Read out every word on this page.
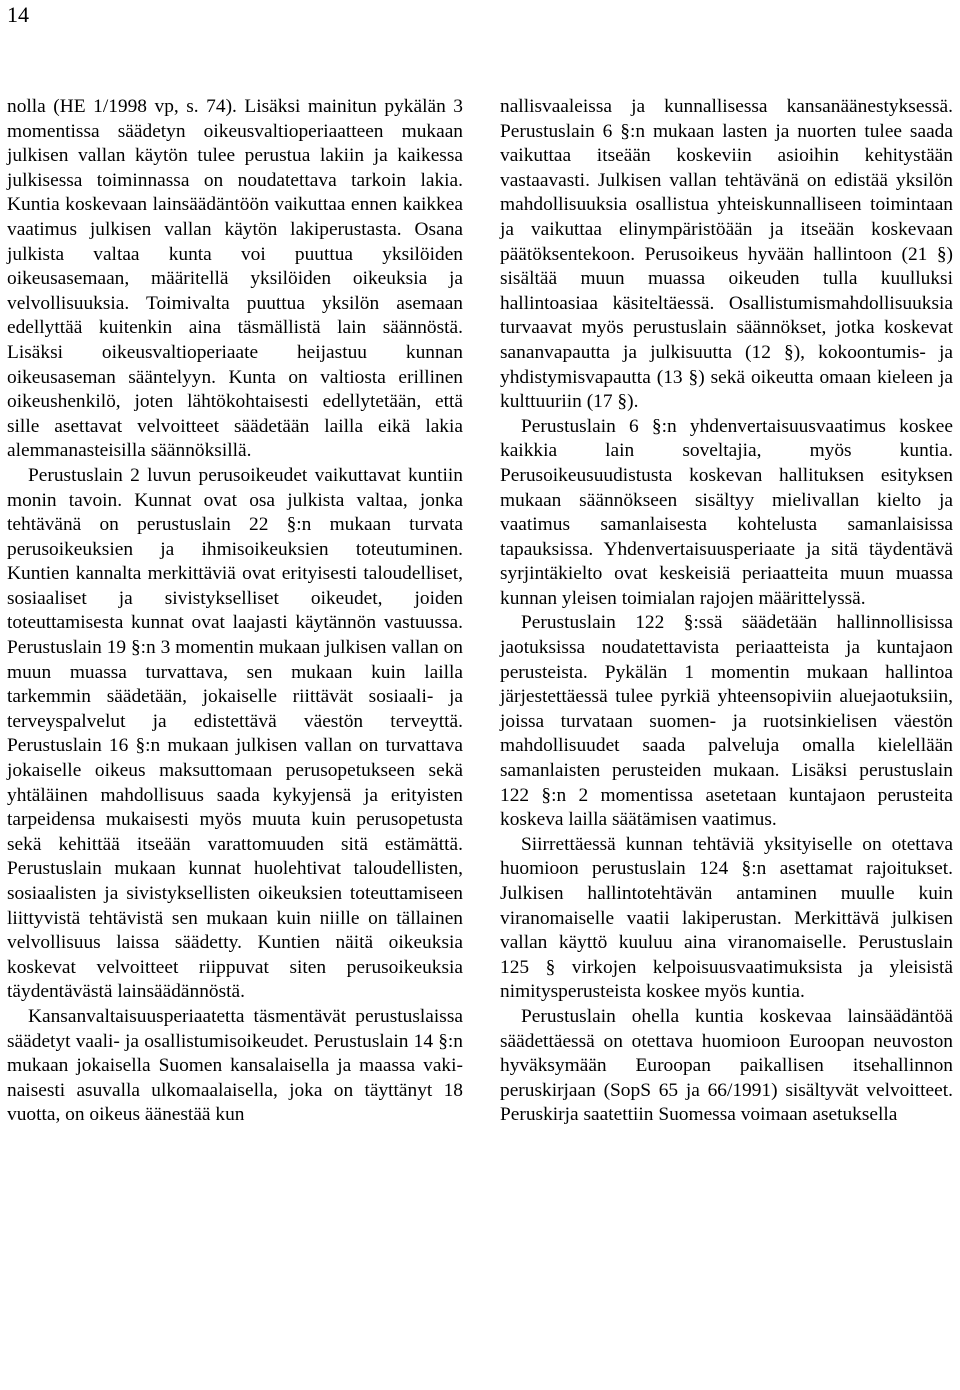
14

nolla (HE 1/1998 vp, s. 74). Lisäksi mainitun pykälän 3 momentissa säädetyn oikeusvaltioperiaatteen mukaan julkisen vallan käytön tulee perustua lakiin ja kaikessa julkisessa toiminnassa on noudatettava tarkoin lakia. Kuntia koskevaan lainsäädäntöön vaikuttaa ennen kaikkea vaatimus julkisen vallan käytön lakiperustasta. Osana julkista valtaa kunta voi puuttua yksilöiden oikeusasemaan, määritellä yksilöiden oikeuksia ja velvollisuuksia. Toimivalta puuttua yksilön asemaan edellyttää kuitenkin aina täsmällistä lain säännöstä. Lisäksi oikeusvaltioperiaate heijastuu kunnan oikeusaseman sääntelyyn. Kunta on valtiosta erillinen oikeushenkilö, joten lähtökohtaisesti edellytetään, että sille asettavat velvoitteet säädetään lailla eikä lakia alemmanasteisilla säännöksillä.

Perustuslain 2 luvun perusoikeudet vaikuttavat kuntiin monin tavoin. Kunnat ovat osa julkista valtaa, jonka tehtävänä on perustuslain 22 §:n mukaan turvata perusoikeuksien ja ihmisoikeuksien toteutuminen. Kuntien kannalta merkittäviä ovat erityisesti taloudelliset, sosiaaliset ja sivistykselliset oikeudet, joiden toteuttamisesta kunnat ovat laajasti käytännön vastuussa. Perustuslain 19 §:n 3 momentin mukaan julkisen vallan on muun muassa turvattava, sen mukaan kuin lailla tarkemmin säädetään, jokaiselle riittävät sosiaali- ja terveyspalvelut ja edistettävä väestön terveyttä. Perustuslain 16 §:n mukaan julkisen vallan on turvattava jokaiselle oikeus maksuttomaan perusopetukseen sekä yhtäläinen mahdollisuus saada kykyjensä ja erityisten tarpeidensa mukaisesti myös muuta kuin perusopetusta sekä kehittää itseään varattomuuden sitä estämättä. Perustuslain mukaan kunnat huolehtivat taloudellisten, sosiaalisten ja sivistyksellisten oikeuksien toteuttamiseen liittyvistä tehtävistä sen mukaan kuin niille on tällainen velvollisuus laissa säädetty. Kuntien näitä oikeuksia koskevat velvoitteet riippuvat siten perusoikeuksia täydentävästä lainsäädännöstä.

Kansanvaltaisuusperiaatetta täsmentävät perustuslaissa säädetyt vaali- ja osallistumisoikeudet. Perustuslain 14 §:n mukaan jokaisella Suomen kansalaisella ja maassa vakinaisesti asuvalla ulkomaalaisella, joka on täyttänyt 18 vuotta, on oikeus äänestää kun

nallisvaaleissa ja kunnallisessa kansanäänestyksessä. Perustuslain 6 §:n mukaan lasten ja nuorten tulee saada vaikuttaa itseään koskeviin asioihin kehitystään vastaavasti. Julkisen vallan tehtävänä on edistää yksilön mahdollisuuksia osallistua yhteiskunnalliseen toimintaan ja vaikuttaa elinympäristöään ja itseään koskevaan päätöksentekoon. Perusoikeus hyvään hallintoon (21 §) sisältää muun muassa oikeuden tulla kuulluksi hallintoasiaa käsiteltäessä. Osallistumismahdollisuuksia turvaavat myös perustuslain säännökset, jotka koskevat sananvapautta ja julkisuutta (12 §), kokoontumis- ja yhdistymisvapautta (13 §) sekä oikeutta omaan kieleen ja kulttuuriin (17 §).

Perustuslain 6 §:n yhdenvertaisuusvaatimus koskee kaikkia lain soveltajia, myös kuntia. Perusoikeusuudistusta koskevan hallituksen esityksen mukaan säännökseen sisältyy mielivallan kielto ja vaatimus samanlaisesta kohtelusta samanlaisissa tapauksissa. Yhdenvertaisuusperiaate ja sitä täydentävä syrjintäkielto ovat keskeisiä periaatteita muun muassa kunnan yleisen toimialan rajojen määrittelyssä.

Perustuslain 122 §:ssä säädetään hallinnollisissa jaotuksissa noudatettavista periaatteista ja kuntajaon perusteista. Pykälän 1 momentin mukaan hallintoa järjestettäessä tulee pyrkiä yhteensopiviin aluejaotuksiin, joissa turvataan suomen- ja ruotsinkielisen väestön mahdollisuudet saada palveluja omalla kielellään samanlaisten perusteiden mukaan. Lisäksi perustuslain 122 §:n 2 momentissa asetetaan kuntajaon perusteita koskeva lailla säätämisen vaatimus.

Siirrettäessä kunnan tehtäviä yksityiselle on otettava huomioon perustuslain 124 §:n asettamat rajoitukset. Julkisen hallintotehtävän antaminen muulle kuin viranomaiselle vaatii lakiperustan. Merkittävä julkisen vallan käyttö kuuluu aina viranomaiselle. Perustuslain 125 § virkojen kelpoisuusvaatimuksista ja yleisistä nimitysperusteista koskee myös kuntia.

Perustuslain ohella kuntia koskevaa lainsäädäntöä säädettäessä on otettava huomioon Euroopan neuvoston hyväksymään Euroopan paikallisen itsehallinnon peruskirjaan (SopS 65 ja 66/1991) sisältyvät velvoitteet. Peruskirja saatettiin Suomessa voimaan asetuksella
